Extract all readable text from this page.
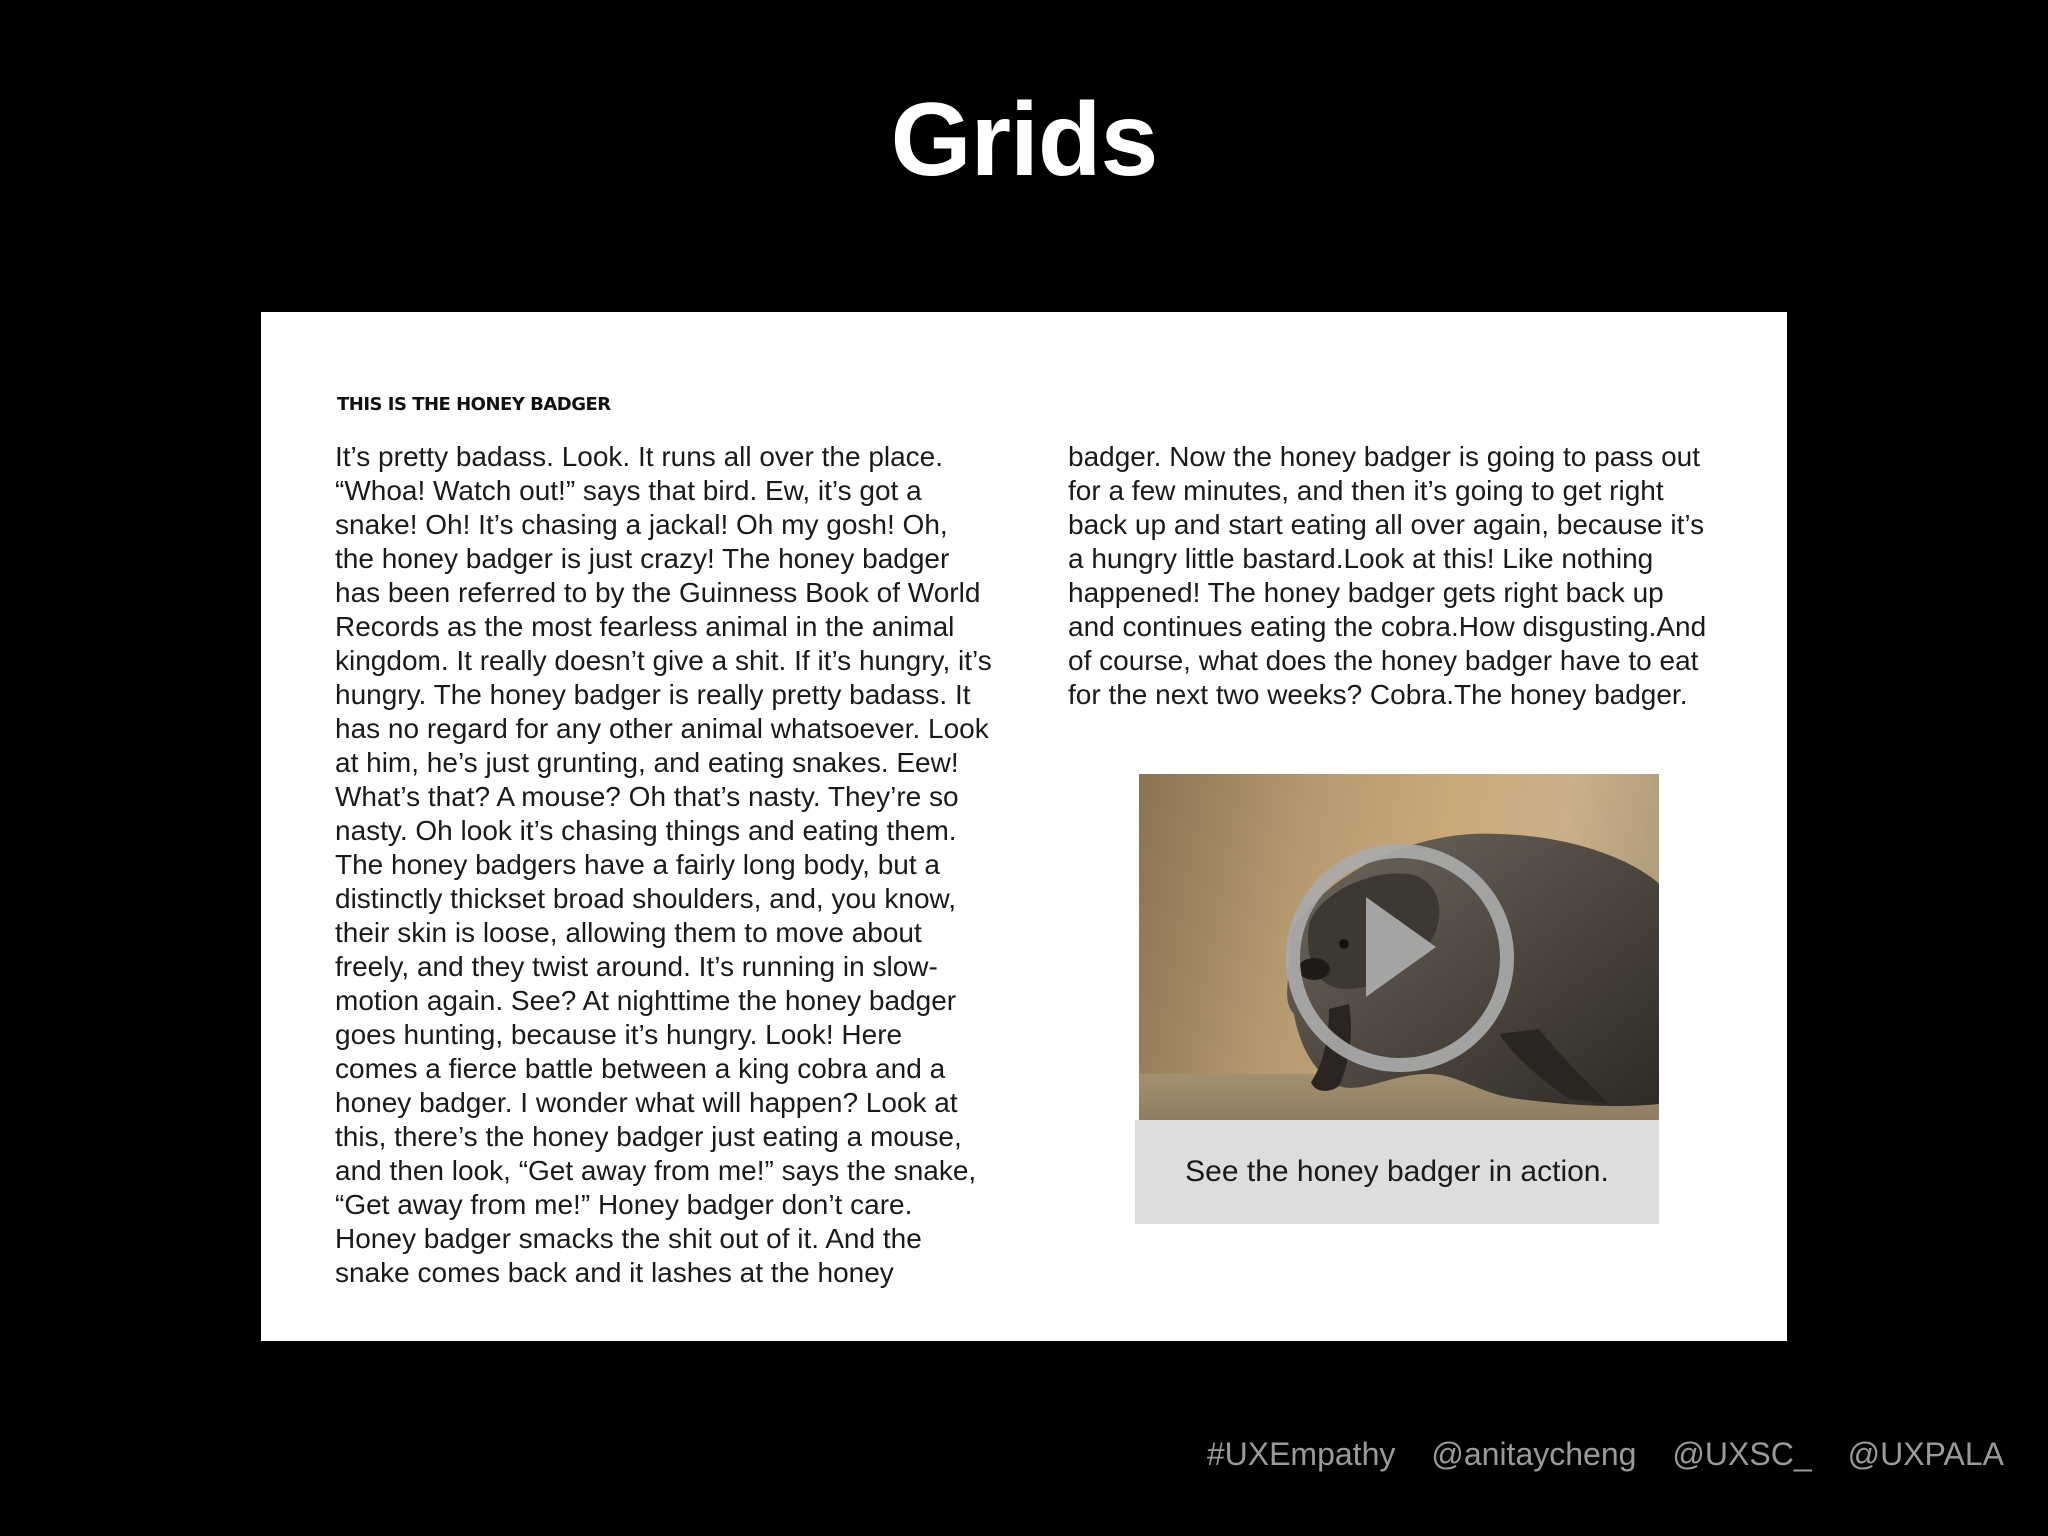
Grids
THIS IS THE HONEY BADGER
It’s pretty badass. Look. It runs all over the place.
“Whoa! Watch out!” says that bird. Ew, it’s got a
snake! Oh! It’s chasing a jackal! Oh my gosh! Oh,
the honey badger is just crazy! The honey badger
has been referred to by the Guinness Book of World
Records as the most fearless animal in the animal
kingdom. It really doesn’t give a shit. If it’s hungry, it’s
hungry. The honey badger is really pretty badass. It
has no regard for any other animal whatsoever. Look
at him, he’s just grunting, and eating snakes. Eew!
What’s that? A mouse? Oh that’s nasty. They’re so
nasty. Oh look it’s chasing things and eating them.
The honey badgers have a fairly long body, but a
distinctly thickset broad shoulders, and, you know,
their skin is loose, allowing them to move about
freely, and they twist around. It’s running in slow-
motion again. See? At nighttime the honey badger
goes hunting, because it’s hungry. Look! Here
comes a fierce battle between a king cobra and a
honey badger. I wonder what will happen? Look at
this, there’s the honey badger just eating a mouse,
and then look, “Get away from me!” says the snake,
“Get away from me!” Honey badger don’t care.
Honey badger smacks the shit out of it. And the
snake comes back and it lashes at the honey
badger. Now the honey badger is going to pass out
for a few minutes, and then it’s going to get right
back up and start eating all over again, because it’s
a hungry little bastard.Look at this! Like nothing
happened! The honey badger gets right back up
and continues eating the cobra.How disgusting.And
of course, what does the honey badger have to eat
for the next two weeks? Cobra.The honey badger.
See the honey badger in action.
#UXEmpathy @anitaycheng @UXSC_ @UXPALA
